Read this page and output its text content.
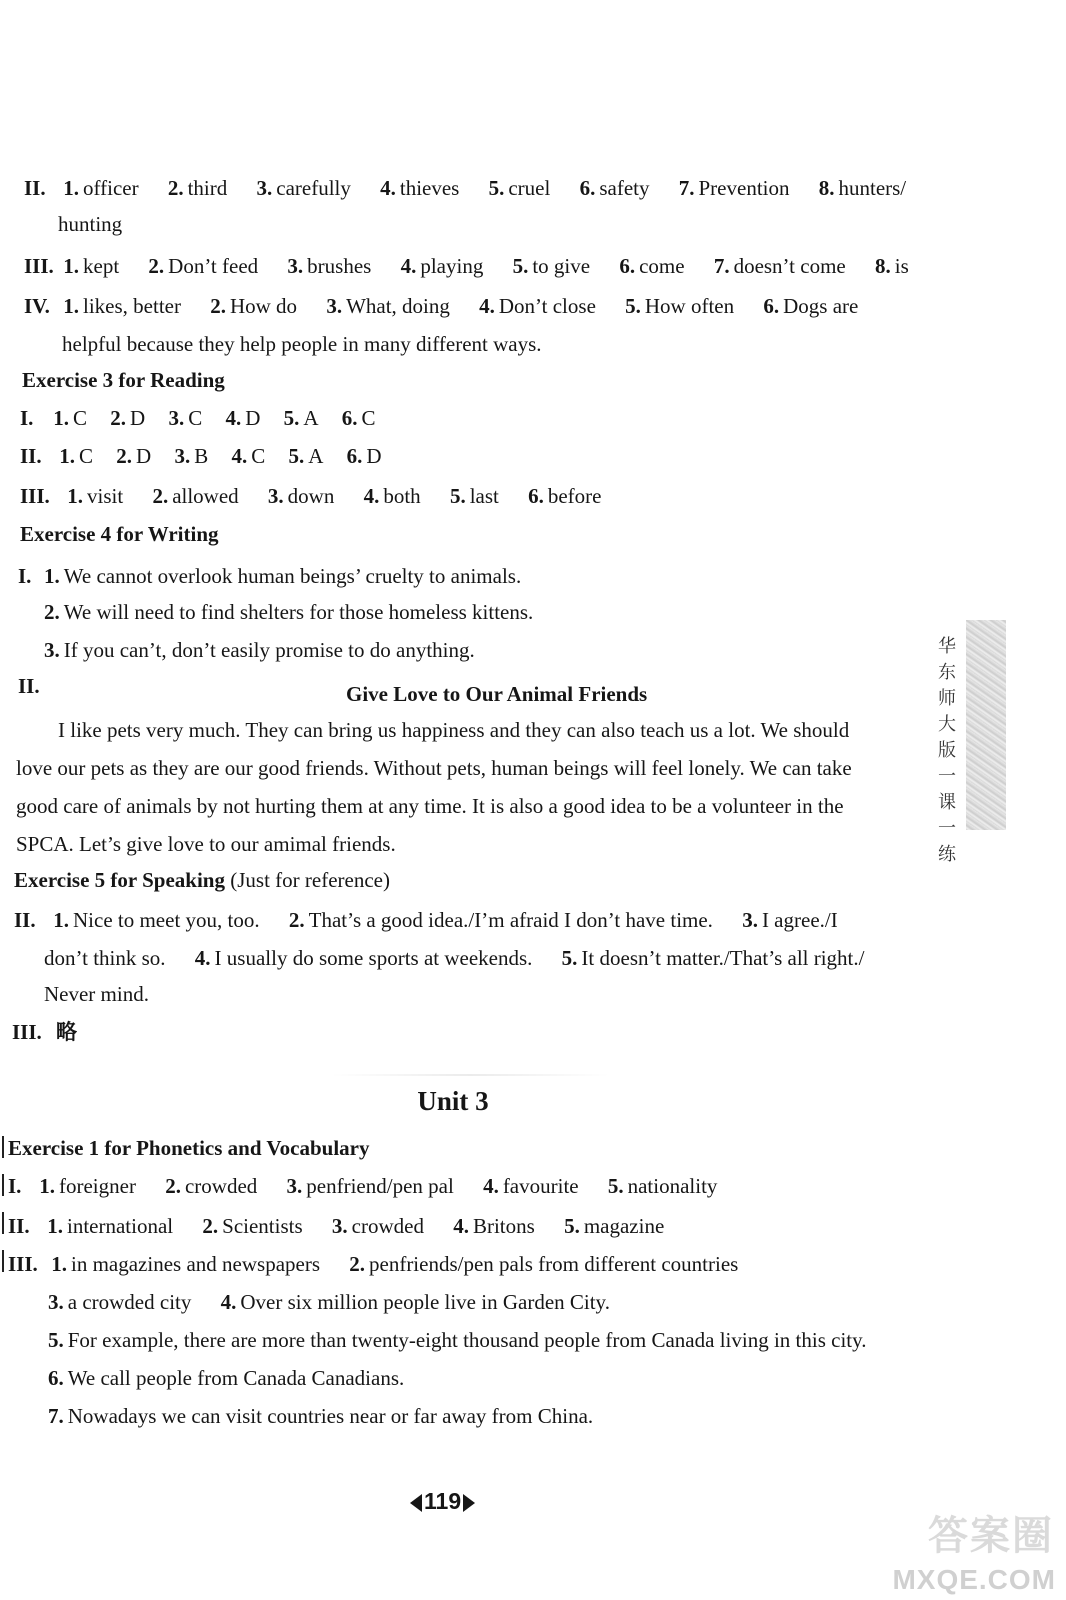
II. 1. officer 2. third 3. carefully 4. thieves 5. cruel 6. safety 7. Prevention 8. hunters/
hunting
III. 1. kept 2. Don’t feed 3. brushes 4. playing 5. to give 6. come 7. doesn’t come 8. is
IV. 1. likes, better 2. How do 3. What, doing 4. Don’t close 5. How often 6. Dogs are
helpful because they help people in many different ways.
Exercise 3 for Reading
I. 1. C 2. D 3. C 4. D 5. A 6. C
II. 1. C 2. D 3. B 4. C 5. A 6. D
III. 1. visit 2. allowed 3. down 4. both 5. last 6. before
Exercise 4 for Writing
I. 1. We cannot overlook human beings’ cruelty to animals.
2. We will need to find shelters for those homeless kittens.
3. If you can’t, don’t easily promise to do anything.
II.	Give Love to Our Animal Friends
I like pets very much. They can bring us happiness and they can also teach us a lot. We should
love our pets as they are our good friends. Without pets, human beings will feel lonely. We can take
good care of animals by not hurting them at any time. It is also a good idea to be a volunteer in the
SPCA. Let’s give love to our amimal friends.
Exercise 5 for Speaking (Just for reference)
II. 1. Nice to meet you, too. 2. That’s a good idea./I’m afraid I don’t have time. 3. I agree./I
don’t think so. 4. I usually do some sports at weekends. 5. It doesn’t matter./That’s all right./
Never mind.
III. 略
Unit 3
Exercise 1 for Phonetics and Vocabulary
I. 1. foreigner 2. crowded 3. penfriend/pen pal 4. favourite 5. nationality
II. 1. international 2. Scientists 3. crowded 4. Britons 5. magazine
III. 1. in magazines and newspapers 2. penfriends/pen pals from different countries
3. a crowded city 4. Over six million people live in Garden City.
5. For example, there are more than twenty-eight thousand people from Canada living in this city.
6. We call people from Canada Canadians.
7. Nowadays we can visit countries near or far away from China.
华东师大版一课一练
119
答案圈
MXQE.COM
